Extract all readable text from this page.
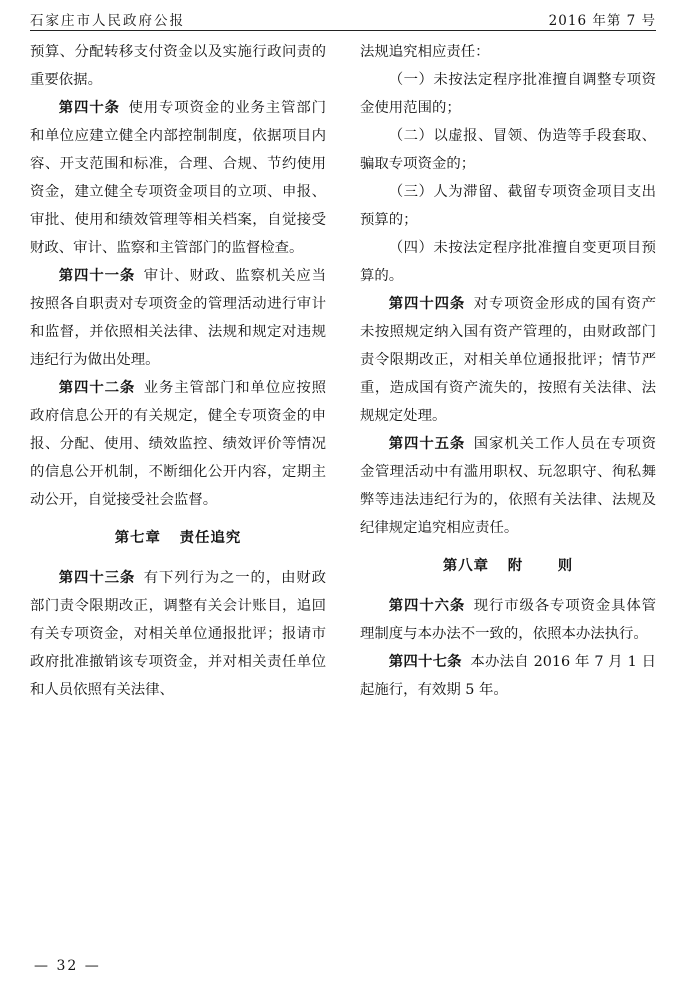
石家庄市人民政府公报	2016 年第 7 号

预算、分配转移支付资金以及实施行政问责的重要依据。

第四十条 使用专项资金的业务主管部门和单位应建立健全内部控制制度，依据项目内容、开支范围和标准，合理、合规、节约使用资金，建立健全专项资金项目的立项、申报、审批、使用和绩效管理等相关档案，自觉接受财政、审计、监察和主管部门的监督检查。

第四十一条 审计、财政、监察机关应当按照各自职责对专项资金的管理活动进行审计和监督，并依照相关法律、法规和规定对违规违纪行为做出处理。

第四十二条 业务主管部门和单位应按照政府信息公开的有关规定，健全专项资金的申报、分配、使用、绩效监控、绩效评价等情况的信息公开机制，不断细化公开内容，定期主动公开，自觉接受社会监督。

第七章 责任追究

第四十三条 有下列行为之一的，由财政部门责令限期改正，调整有关会计账目，追回有关专项资金，对相关单位通报批评；报请市政府批准撤销该专项资金，并对相关责任单位和人员依照有关法律、

法规追究相应责任：

（一）未按法定程序批准擅自调整专项资金使用范围的；

（二）以虚报、冒领、伪造等手段套取、骗取专项资金的；

（三）人为滞留、截留专项资金项目支出预算的；

（四）未按法定程序批准擅自变更项目预算的。

第四十四条 对专项资金形成的国有资产未按照规定纳入国有资产管理的，由财政部门责令限期改正，对相关单位通报批评；情节严重，造成国有资产流失的，按照有关法律、法规规定处理。

第四十五条 国家机关工作人员在专项资金管理活动中有滥用职权、玩忽职守、徇私舞弊等违法违纪行为的，依照有关法律、法规及纪律规定追究相应责任。

第八章 附 则

第四十六条 现行市级各专项资金具体管理制度与本办法不一致的，依照本办法执行。

第四十七条 本办法自 2016 年 7 月 1 日起施行，有效期 5 年。

— 32 —
